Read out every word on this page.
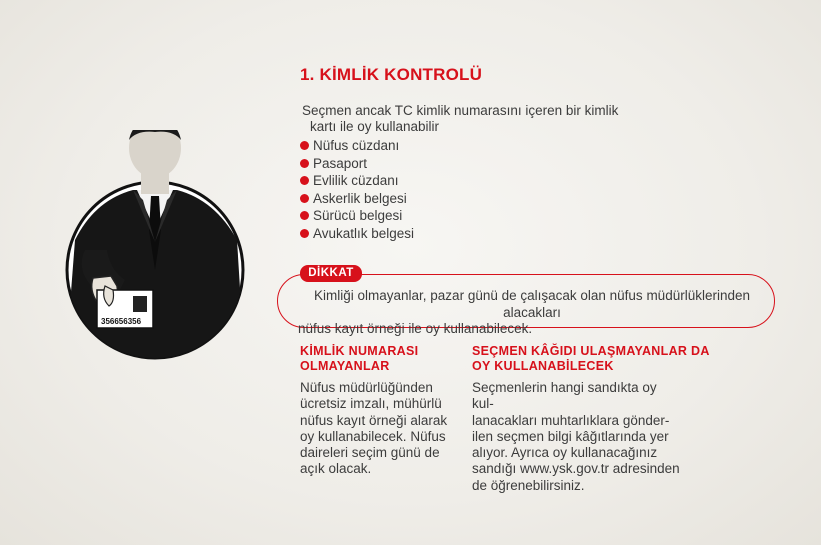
356656356
1. KİMLİK KONTROLÜ
Seçmen ancak TC kimlik numarasını içeren bir kimlik
kartı ile oy kullanabilir
Nüfus cüzdanı
Pasaport
Evlilik cüzdanı
Askerlik belgesi
Sürücü belgesi
Avukatlık belgesi
DİKKAT
Kimliği olmayanlar, pazar günü de çalışacak olan nüfus müdürlüklerinden alacakları
nüfus kayıt örneği ile oy kullanabilecek.
KİMLİK NUMARASI
OLMAYANLAR
Nüfus müdürlüğünden
ücretsiz imzalı, mühürlü
nüfus kayıt örneği alarak
oy kullanabilecek. Nüfus
daireleri seçim günü de
açık olacak.
SEÇMEN KÂĞIDI ULAŞMAYANLAR DA
OY KULLANABİLECEK
Seçmenlerin hangi sandıkta oy kul-
lanacakları muhtarlıklara gönder-
ilen seçmen bilgi kâğıtlarında yer
alıyor. Ayrıca oy kullanacağınız
sandığı www.ysk.gov.tr adresinden
de öğrenebilirsiniz.
